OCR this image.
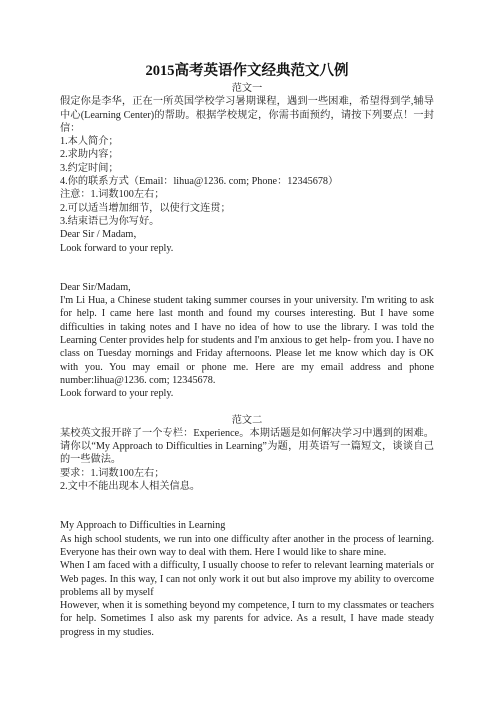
2015高考英语作文经典范文八例

范文一

假定你是李华，正在一所英国学校学习暑期课程，遇到一些困难，希望得到学,辅导中心(Learning Center)的帮助。根据学校规定，你需书面预约，请按下列要点！一封信：

1.本人简介；

2.求助内容；

3.约定时间；

4.你的联系方式（Email：lihua@1236. com; Phone：12345678）

注意：1.词数100左右；

2.可以适当增加细节，以使行文连贯；

3.结束语已为你写好。

Dear Sir / Madam，

Look forward to your reply.

Dear Sir/Madam,

I'm Li Hua, a Chinese student taking summer courses in your university. I'm writing to ask for help. I came here last month and found my courses interesting. But I have some difficulties in taking notes and I have no idea of how to use the library. I was told the Learning Center provides help for students and I'm anxious to get help- from you. I have no class on Tuesday mornings and Friday afternoons. Please let me know which day is OK with you. You may email or phone me. Here are my email address and phone number:lihua@1236. com; 12345678.

Look forward to your reply.

范文二

某校英文报开辟了一个专栏：Experience。本期话题是如何解决学习中遇到的困难。请你以“My Approach to Difficulties in Learning”为题，用英语写一篇短文，谈谈自己的一些做法。

要求：1.词数100左右；

2.文中不能出现本人相关信息。

My Approach to Difficulties in Learning

As high school students, we run into one difficulty after another in the process of learning. Everyone has their own way to deal with them. Here I would like to share mine.

When I am faced with a difficulty, I usually choose to refer to relevant learning materials or Web pages. In this way, I can not only work it out but also improve my ability to overcome problems all by myself

However, when it is something beyond my competence, I turn to my classmates or teachers for help. Sometimes I also ask my parents for advice. As a result, I have made steady progress in my studies.
